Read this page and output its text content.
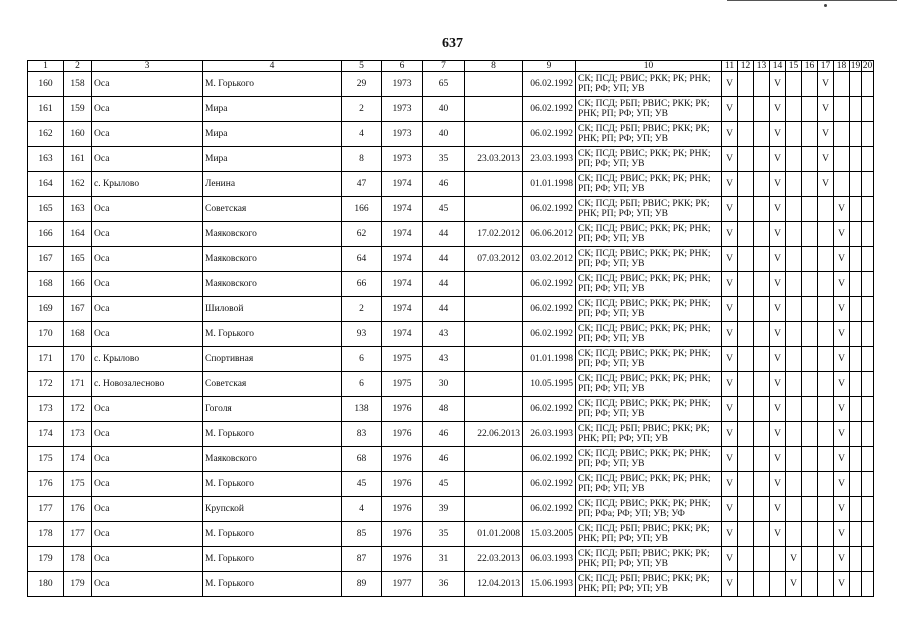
637
1	2	3	4	5	6	7	8	9	10	11	12	13	14	15	16	17	18	19	20
160	158	Оса	М. Горького	29	1973	65		06.02.1992	СК; ПСД; РВИС; РКК; РК; РНК;
РП; РФ; УП; УВ	V			V			V			
161	159	Оса	Мира	2	1973	40		06.02.1992	СК; ПСД; РБП; РВИС; РКК; РК;
РНК; РП; РФ; УП; УВ	V			V			V			
162	160	Оса	Мира	4	1973	40		06.02.1992	СК; ПСД; РБП; РВИС; РКК; РК;
РНК; РП; РФ; УП; УВ	V			V			V			
163	161	Оса	Мира	8	1973	35	23.03.2013	23.03.1993	СК; ПСД; РВИС; РКК; РК; РНК;
РП; РФ; УП; УВ	V			V			V			
164	162	с. Крылово	Ленина	47	1974	46		01.01.1998	СК; ПСД; РВИС; РКК; РК; РНК;
РП; РФ; УП; УВ	V			V			V			
165	163	Оса	Советская	166	1974	45		06.02.1992	СК; ПСД; РБП; РВИС; РКК; РК;
РНК; РП; РФ; УП; УВ	V			V				V		
166	164	Оса	Маяковского	62	1974	44	17.02.2012	06.06.2012	СК; ПСД; РВИС; РКК; РК; РНК;
РП; РФ; УП; УВ	V			V				V		
167	165	Оса	Маяковского	64	1974	44	07.03.2012	03.02.2012	СК; ПСД; РВИС; РКК; РК; РНК;
РП; РФ; УП; УВ	V			V				V		
168	166	Оса	Маяковского	66	1974	44		06.02.1992	СК; ПСД; РВИС; РКК; РК; РНК;
РП; РФ; УП; УВ	V			V				V		
169	167	Оса	Шиловой	2	1974	44		06.02.1992	СК; ПСД; РВИС; РКК; РК; РНК;
РП; РФ; УП; УВ	V			V				V		
170	168	Оса	М. Горького	93	1974	43		06.02.1992	СК; ПСД; РВИС; РКК; РК; РНК;
РП; РФ; УП; УВ	V			V				V		
171	170	с. Крылово	Спортивная	6	1975	43		01.01.1998	СК; ПСД; РВИС; РКК; РК; РНК;
РП; РФ; УП; УВ	V			V				V		
172	171	с. Новозалесново	Советская	6	1975	30		10.05.1995	СК; ПСД; РВИС; РКК; РК; РНК;
РП; РФ; УП; УВ	V			V				V		
173	172	Оса	Гоголя	138	1976	48		06.02.1992	СК; ПСД; РВИС; РКК; РК; РНК;
РП; РФ; УП; УВ	V			V				V		
174	173	Оса	М. Горького	83	1976	46	22.06.2013	26.03.1993	СК; ПСД; РБП; РВИС; РКК; РК;
РНК; РП; РФ; УП; УВ	V			V				V		
175	174	Оса	Маяковского	68	1976	46		06.02.1992	СК; ПСД; РВИС; РКК; РК; РНК;
РП; РФ; УП; УВ	V			V				V		
176	175	Оса	М. Горького	45	1976	45		06.02.1992	СК; ПСД; РВИС; РКК; РК; РНК;
РП; РФ; УП; УВ	V			V				V		
177	176	Оса	Крупской	4	1976	39		06.02.1992	СК; ПСД; РВИС; РКК; РК; РНК;
РП; РФа; РФ; УП; УВ; УФ	V			V				V		
178	177	Оса	М. Горького	85	1976	35	01.01.2008	15.03.2005	СК; ПСД; РБП; РВИС; РКК; РК;
РНК; РП; РФ; УП; УВ	V			V				V		
179	178	Оса	М. Горького	87	1976	31	22.03.2013	06.03.1993	СК; ПСД; РБП; РВИС; РКК; РК;
РНК; РП; РФ; УП; УВ	V				V			V		
180	179	Оса	М. Горького	89	1977	36	12.04.2013	15.06.1993	СК; ПСД; РБП; РВИС; РКК; РК;
РНК; РП; РФ; УП; УВ	V				V			V		
